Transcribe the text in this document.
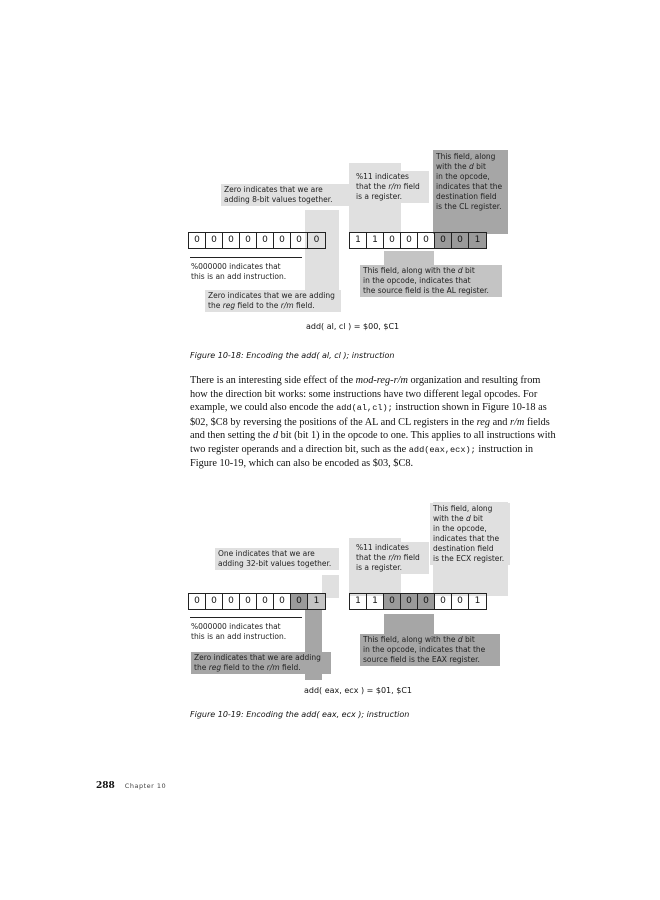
Zero indicates that we are
adding 8-bit values together.
%11 indicates
that the r/m field
is a register.
This field, along
with the d bit
in the opcode,
indicates that the
destination field
is the CL register.
0	0	0	0	0	0	0	0	1	1	0	0	0	0	0	1
%000000 indicates that
this is an add instruction.
Zero indicates that we are adding
the reg field to the r/m field.
This field, along with the d bit
in the opcode, indicates that
the source field is the AL register.
add( al, cl ) = $00, $C1
Figure 10-18: Encoding the add( al, cl ); instruction
There is an interesting side effect of the mod-reg-r/m organization and resulting from how the direction bit works: some instructions have two different legal opcodes. For example, we could also encode the add(al,cl); instruction shown in Figure 10-18 as $02, $C8 by reversing the positions of the AL and CL registers in the reg and r/m fields and then setting the d bit (bit 1) in the opcode to one. This applies to all instructions with two register operands and a direction bit, such as the add(eax,ecx); instruction in Figure 10-19, which can also be encoded as $03, $C8.
One indicates that we are
adding 32-bit values together.
%11 indicates
that the r/m field
is a register.
This field, along
with the d bit
in the opcode,
indicates that the
destination field
is the ECX register.
0	0	0	0	0	0	0	1	1	1	0	0	0	0	0	1
%000000 indicates that
this is an add instruction.
Zero indicates that we are adding
the reg field to the r/m field.
This field, along with the d bit
in the opcode, indicates that the
source field is the EAX register.
add( eax, ecx ) = $01, $C1
Figure 10-19: Encoding the add( eax, ecx ); instruction
288 Chapter 10
